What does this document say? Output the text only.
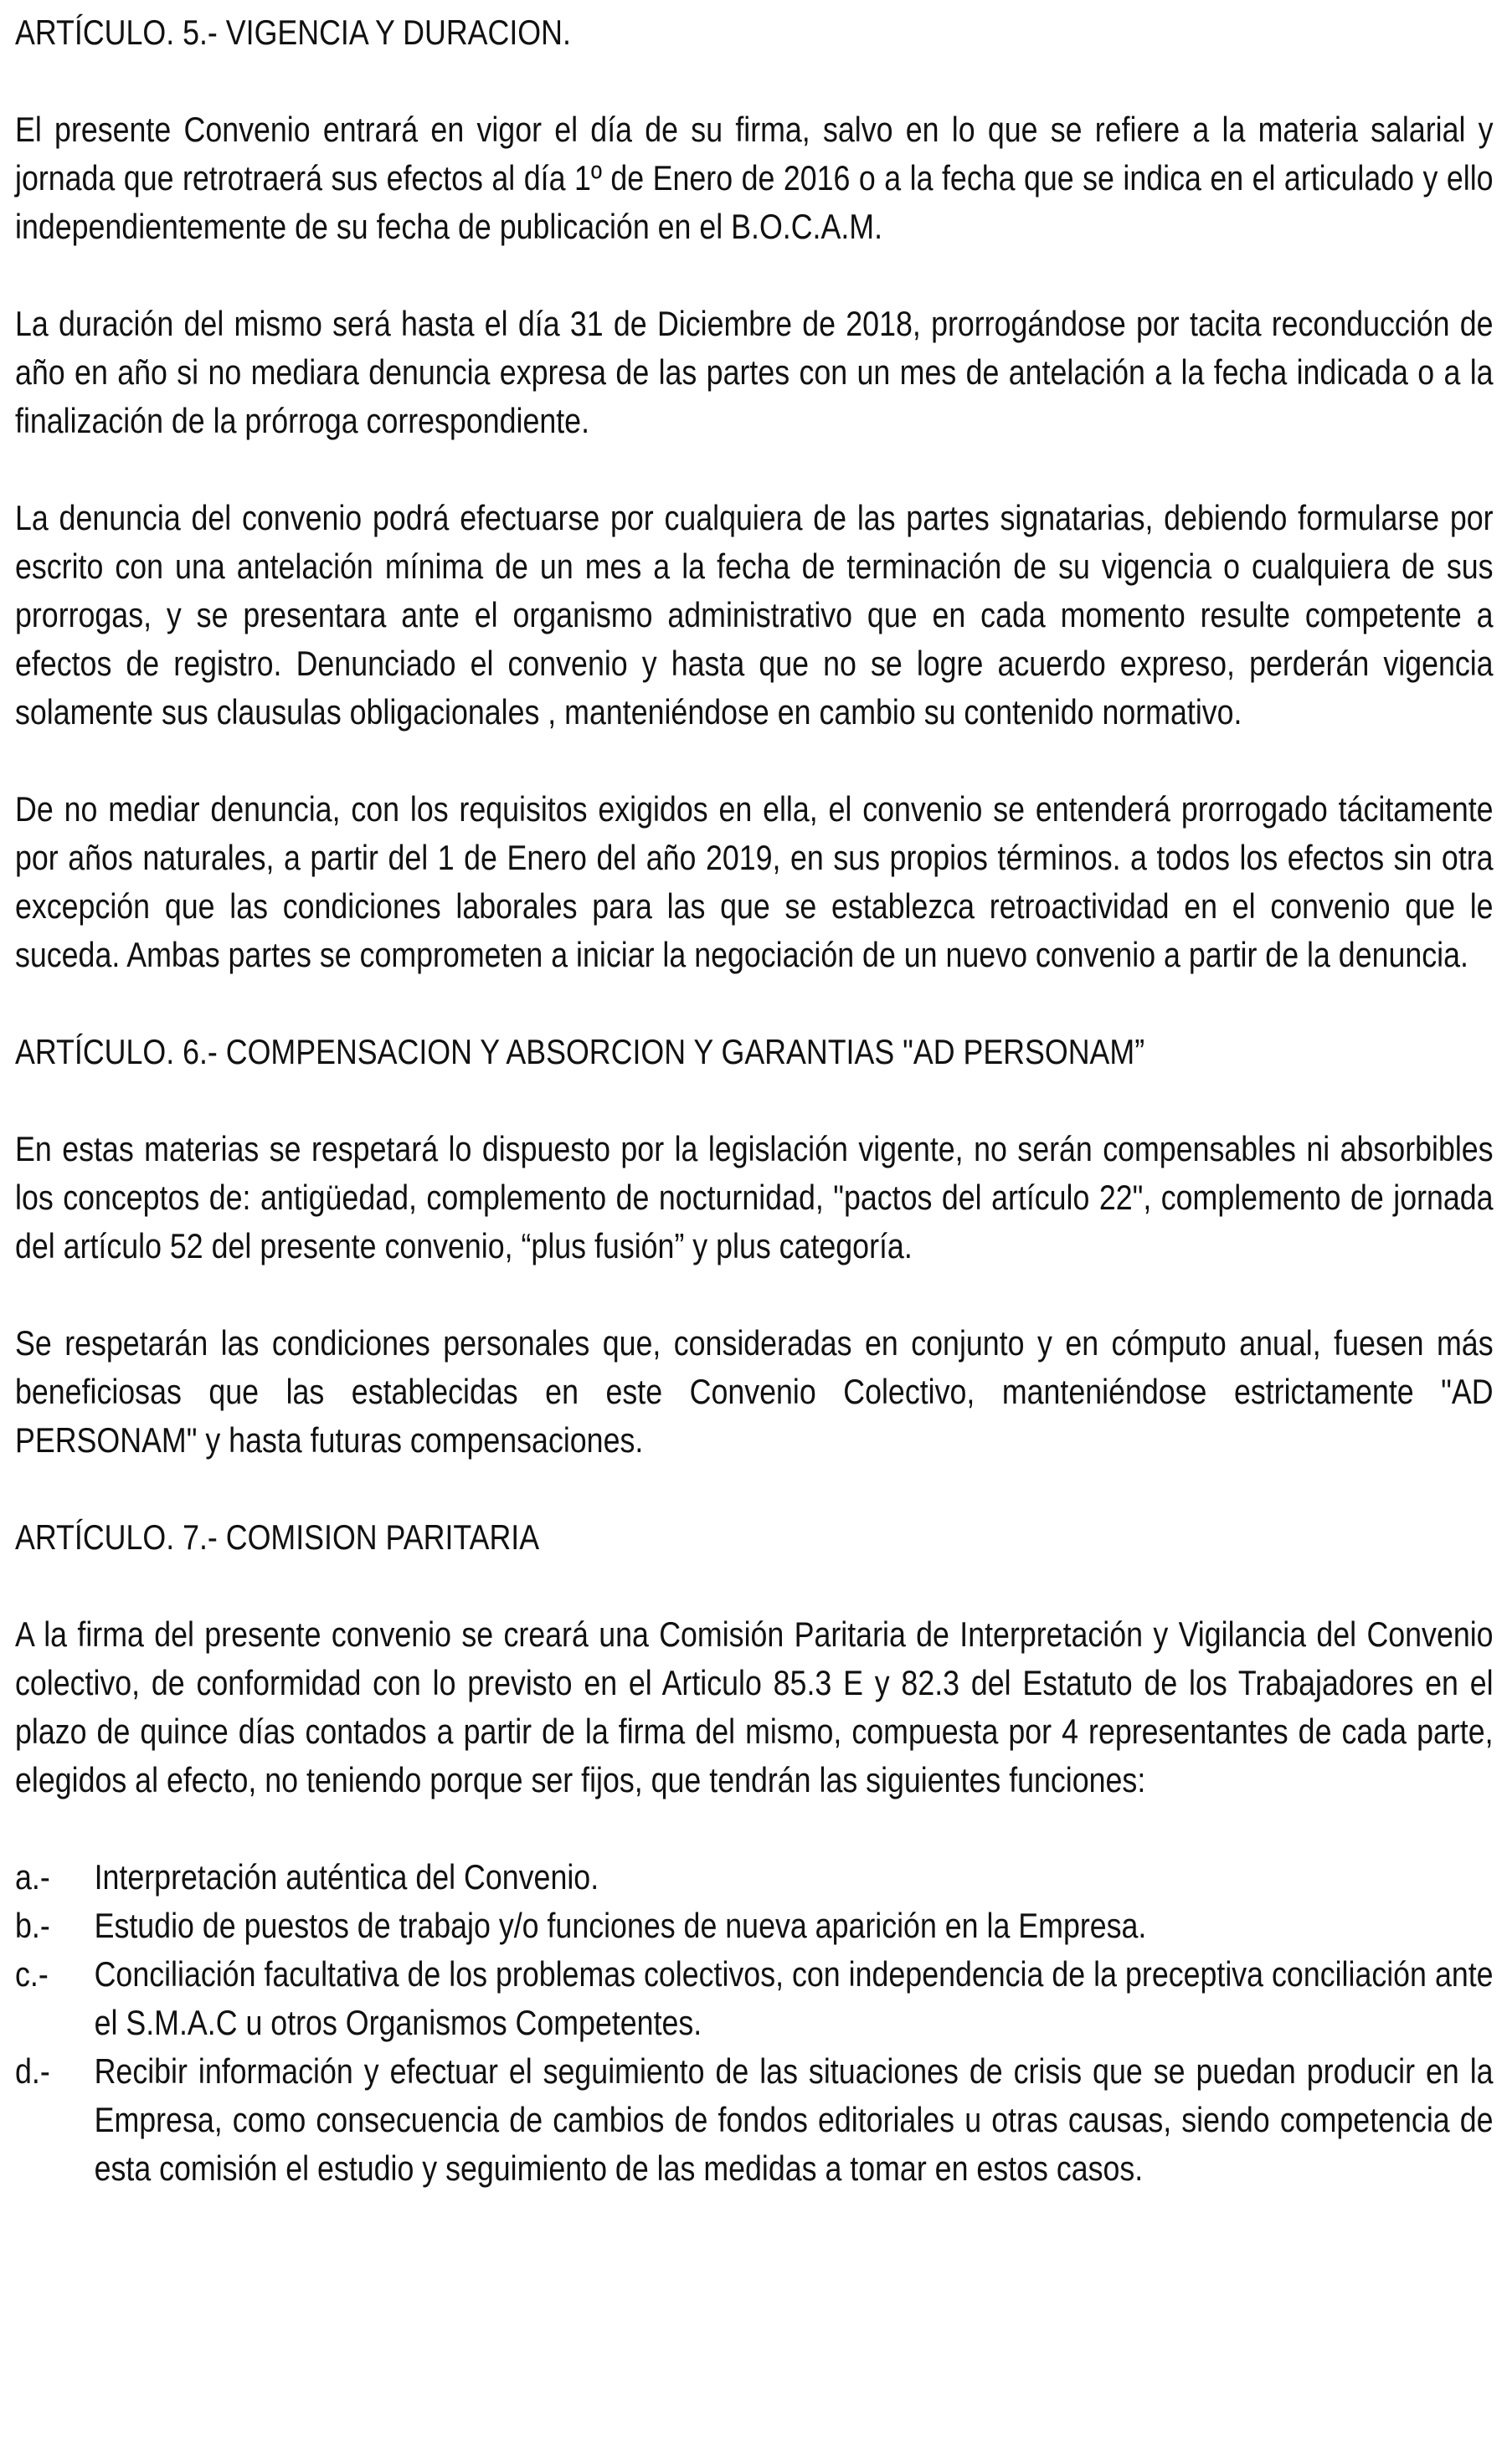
ARTÍCULO. 5.- VIGENCIA Y DURACION.

El presente Convenio entrará en vigor el día de su firma, salvo en lo que se refiere a la materia salarial y jornada que retrotraerá sus efectos al día 1º de Enero de 2016 o a la fecha que se indica en el articulado y ello independientemente de su fecha de publicación en el B.O.C.A.M.

La duración del mismo será hasta el día 31 de Diciembre de 2018, prorrogándose por tacita reconducción de año en año si no mediara denuncia expresa de las partes con un mes de antelación a la fecha indicada o a la finalización de la prórroga correspondiente.

La denuncia del convenio podrá efectuarse por cualquiera de las partes signatarias, debiendo formularse por escrito con una antelación mínima de un mes a la fecha de terminación de su vigencia o cualquiera de sus prorrogas, y se presentara ante el organismo administrativo que en cada momento resulte competente a efectos de registro. Denunciado el convenio y hasta que no se logre acuerdo expreso, perderán vigencia solamente sus clausulas obligacionales , manteniéndose en cambio su contenido normativo.

De no mediar denuncia, con los requisitos exigidos en ella, el convenio se entenderá prorrogado tácitamente por años naturales, a partir del 1 de Enero del año 2019, en sus propios términos. a todos los efectos sin otra excepción que las condiciones laborales para las que se establezca retroactividad en el convenio que le suceda. Ambas partes se comprometen a iniciar la negociación de un nuevo convenio a partir de la denuncia.

ARTÍCULO. 6.- COMPENSACION Y ABSORCION Y GARANTIAS "AD PERSONAM”

En estas materias se respetará lo dispuesto por la legislación vigente, no serán compensables ni absorbibles los conceptos de: antigüedad, complemento de nocturnidad, "pactos del artículo 22", complemento de jornada del artículo 52 del presente convenio, “plus fusión” y plus categoría.

Se respetarán las condiciones personales que, consideradas en conjunto y en cómputo anual, fuesen más beneficiosas que las establecidas en este Convenio Colectivo, manteniéndose estrictamente "AD PERSONAM" y hasta futuras compensaciones.

ARTÍCULO. 7.- COMISION PARITARIA

A la firma del presente convenio se creará una Comisión Paritaria de Interpretación y Vigilancia del Convenio colectivo, de conformidad con lo previsto en el Articulo 85.3 E y 82.3 del Estatuto de los Trabajadores en el plazo de quince días contados a partir de la firma del mismo, compuesta por 4 representantes de cada parte, elegidos al efecto, no teniendo porque ser fijos, que tendrán las siguientes funciones:

a.- Interpretación auténtica del Convenio.
b.- Estudio de puestos de trabajo y/o funciones de nueva aparición en la Empresa.
c.- Conciliación facultativa de los problemas colectivos, con independencia de la preceptiva conciliación ante el S.M.A.C u otros Organismos Competentes.
d.- Recibir información y efectuar el seguimiento de las situaciones de crisis que se puedan producir en la Empresa, como consecuencia de cambios de fondos editoriales u otras causas, siendo competencia de esta comisión el estudio y seguimiento de las medidas a tomar en estos casos.
